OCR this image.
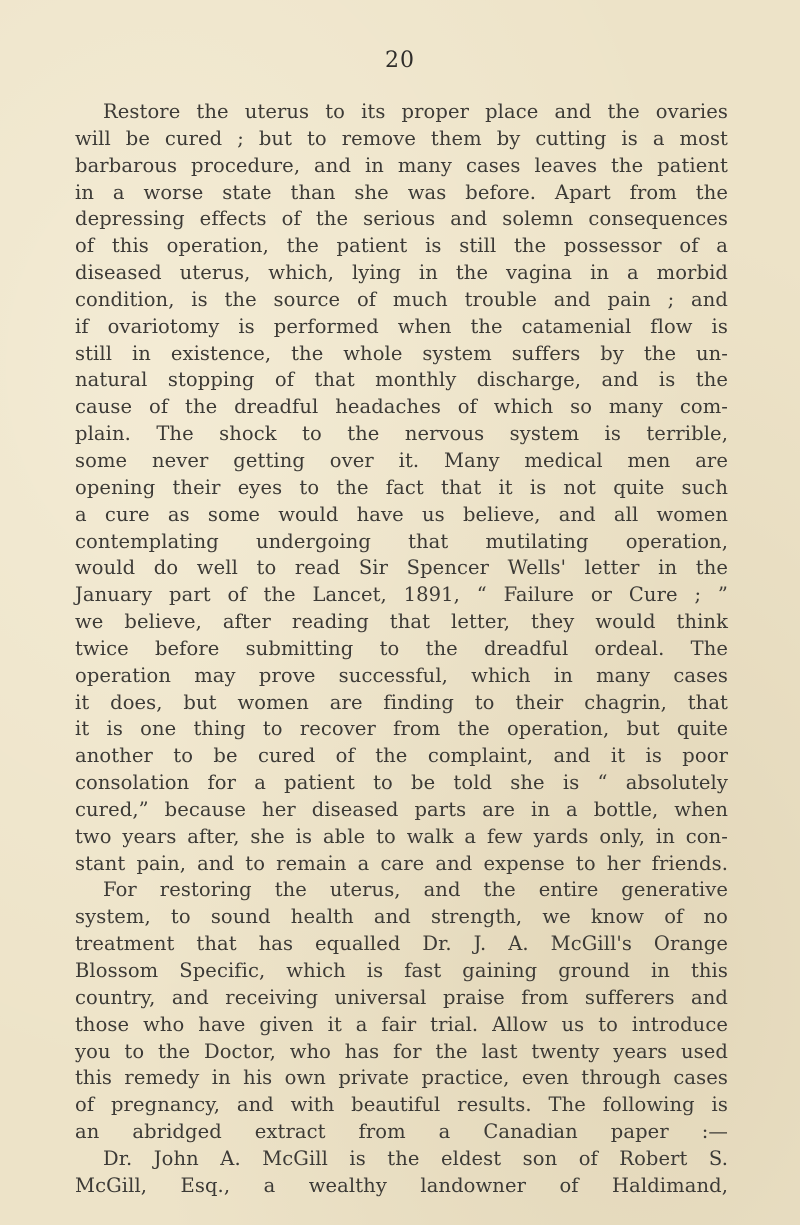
20
Restore the uterus to its proper place and the ovaries
will be cured ; but to remove them by cutting is a most
barbarous procedure, and in many cases leaves the patient
in a worse state than she was before. Apart from the
depressing effects of the serious and solemn consequences
of this operation, the patient is still the possessor of a
diseased uterus, which, lying in the vagina in a morbid
condition, is the source of much trouble and pain ; and
if ovariotomy is performed when the catamenial flow is
still in existence, the whole system suffers by the un-
natural stopping of that monthly discharge, and is the
cause of the dreadful headaches of which so many com-
plain. The shock to the nervous system is terrible,
some never getting over it. Many medical men are
opening their eyes to the fact that it is not quite such
a cure as some would have us believe, and all women
contemplating undergoing that mutilating operation,
would do well to read Sir Spencer Wells' letter in the
January part of the Lancet, 1891, “ Failure or Cure ; ”
we believe, after reading that letter, they would think
twice before submitting to the dreadful ordeal. The
operation may prove successful, which in many cases
it does, but women are finding to their chagrin, that
it is one thing to recover from the operation, but quite
another to be cured of the complaint, and it is poor
consolation for a patient to be told she is “ absolutely
cured,” because her diseased parts are in a bottle, when
two years after, she is able to walk a few yards only, in con-
stant pain, and to remain a care and expense to her friends.
For restoring the uterus, and the entire generative
system, to sound health and strength, we know of no
treatment that has equalled Dr. J. A. McGill's Orange
Blossom Specific, which is fast gaining ground in this
country, and receiving universal praise from sufferers and
those who have given it a fair trial. Allow us to introduce
you to the Doctor, who has for the last twenty years used
this remedy in his own private practice, even through cases
of pregnancy, and with beautiful results. The following is
an abridged extract from a Canadian paper :—
Dr. John A. McGill is the eldest son of Robert S.
McGill, Esq., a wealthy landowner of Haldimand,
